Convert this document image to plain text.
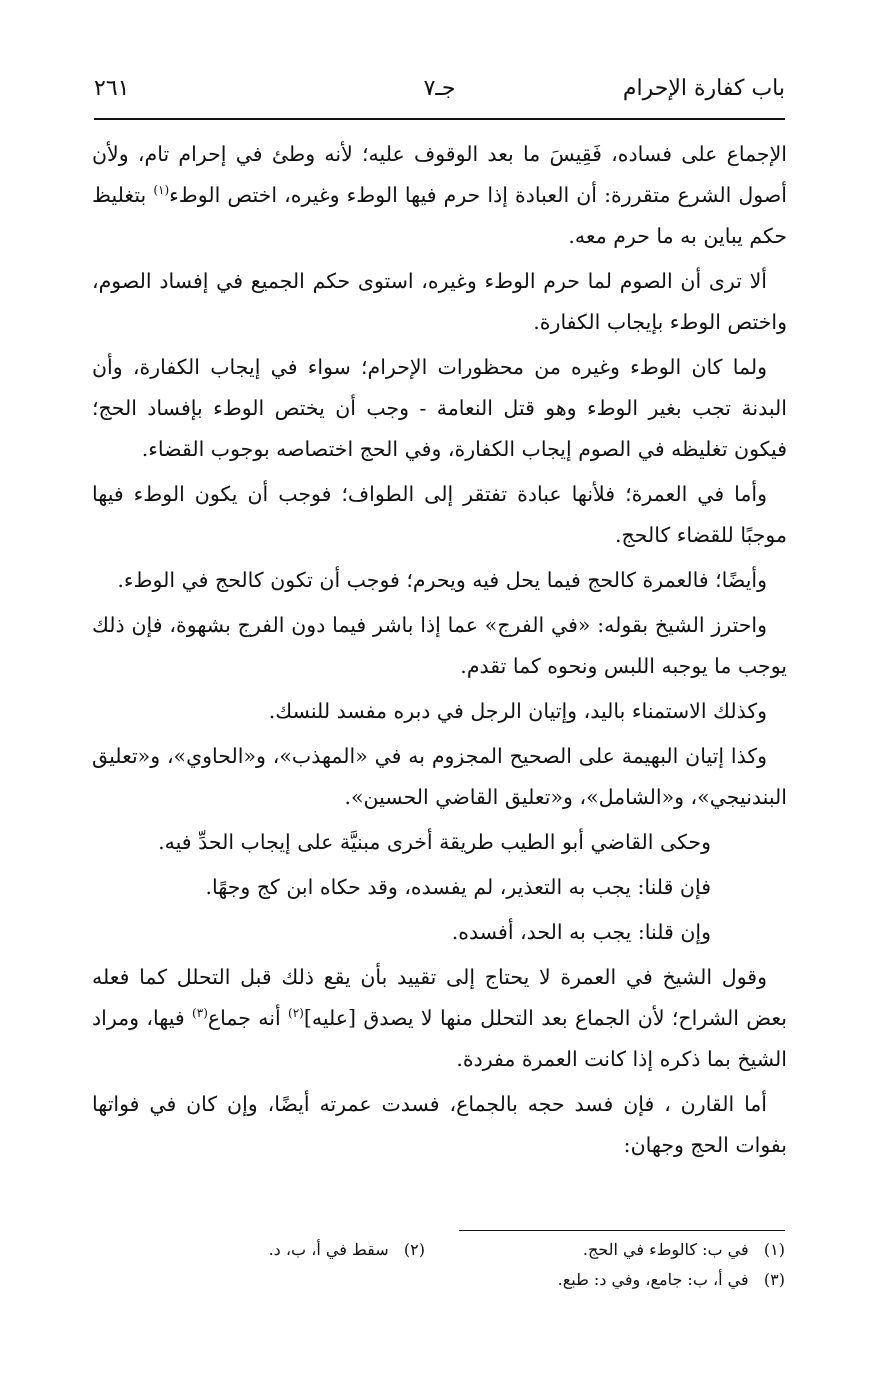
باب كفارة الإحرام
جـ٧
٢٦١

الإجماع على فساده، فَقِيسَ ما بعد الوقوف عليه؛ لأنه وطئ في إحرام تام، ولأن أصول الشرع متقررة: أن العبادة إذا حرم فيها الوطء وغيره، اختص الوطء$^{(١)}$ بتغليظ حكم يباين به ما حرم معه.

ألا ترى أن الصوم لما حرم الوطء وغيره، استوى حكم الجميع في إفساد الصوم، واختص الوطء بإيجاب الكفارة.

ولما كان الوطء وغيره من محظورات الإحرام؛ سواء في إيجاب الكفارة، وأن البدنة تجب بغير الوطء وهو قتل النعامة - وجب أن يختص الوطء بإفساد الحج؛ فيكون تغليظه في الصوم إيجاب الكفارة، وفي الحج اختصاصه بوجوب القضاء.

وأما في العمرة؛ فلأنها عبادة تفتقر إلى الطواف؛ فوجب أن يكون الوطء فيها موجبًا للقضاء كالحج.

وأيضًا؛ فالعمرة كالحج فيما يحل فيه ويحرم؛ فوجب أن تكون كالحج في الوطء.

واحترز الشيخ بقوله: «في الفرج» عما إذا باشر فيما دون الفرج بشهوة، فإن ذلك يوجب ما يوجبه اللبس ونحوه كما تقدم.

وكذلك الاستمناء باليد، وإتيان الرجل في دبره مفسد للنسك.

وكذا إتيان البهيمة على الصحيح المجزوم به في «المهذب»، و«الحاوي»، و«تعليق البندنيجي»، و«الشامل»، و«تعليق القاضي الحسين».

وحكى القاضي أبو الطيب طريقة أخرى مبنيَّة على إيجاب الحدِّ فيه.

فإن قلنا: يجب به التعذير، لم يفسده، وقد حكاه ابن كج وجهًا.

وإن قلنا: يجب به الحد، أفسده.

وقول الشيخ في العمرة لا يحتاج إلى تقييد بأن يقع ذلك قبل التحلل كما فعله بعض الشراح؛ لأن الجماع بعد التحلل منها لا يصدق [عليه]$^{(٢)}$ أنه جماع$^{(٣)}$ فيها، ومراد الشيخ بما ذكره إذا كانت العمرة مفردة.

أما القارن ، فإن فسد حجه بالجماع، فسدت عمرته أيضًا، وإن كان في فواتها بفوات الحج وجهان:

(١)   في ب: كالوطء في الحج.
(٢)   سقط في أ، ب، د.
(٣)   في أ، ب: جامع، وفي د: طبع.
